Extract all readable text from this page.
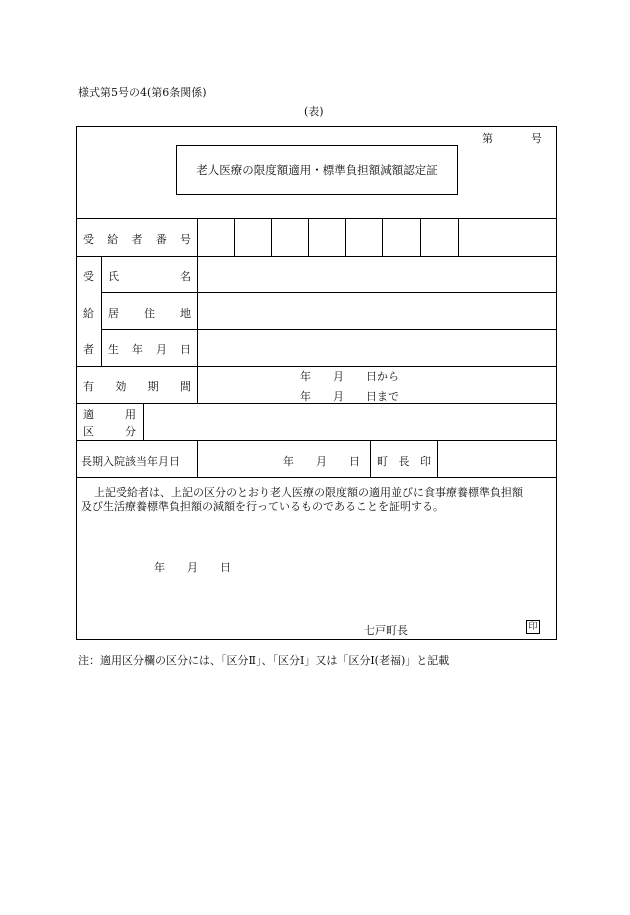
様式第5号の4(第6条関係)
(表)
第	号
老人医療の限度額適用・標準負担額減額認定証
受 給 者 番 号
受
給
者
氏	名
居 住 地
生 年 月 日
有 効 期 間
年　　月　　日から
年　　月　　日まで
適	用
区	分
長期入院該当年月日	年　　月　　日 町 長 印
上記受給者は、上記の区分のとおり老人医療の限度額の適用並びに食事療養標準負担額
及び生活療養標準負担額の減額を行っているものであることを証明する。
年　　月　　日
七戸町長	印
注：適用区分欄の区分には、「区分Ⅱ」、「区分Ⅰ」又は「区分Ⅰ(老福)」と記載
